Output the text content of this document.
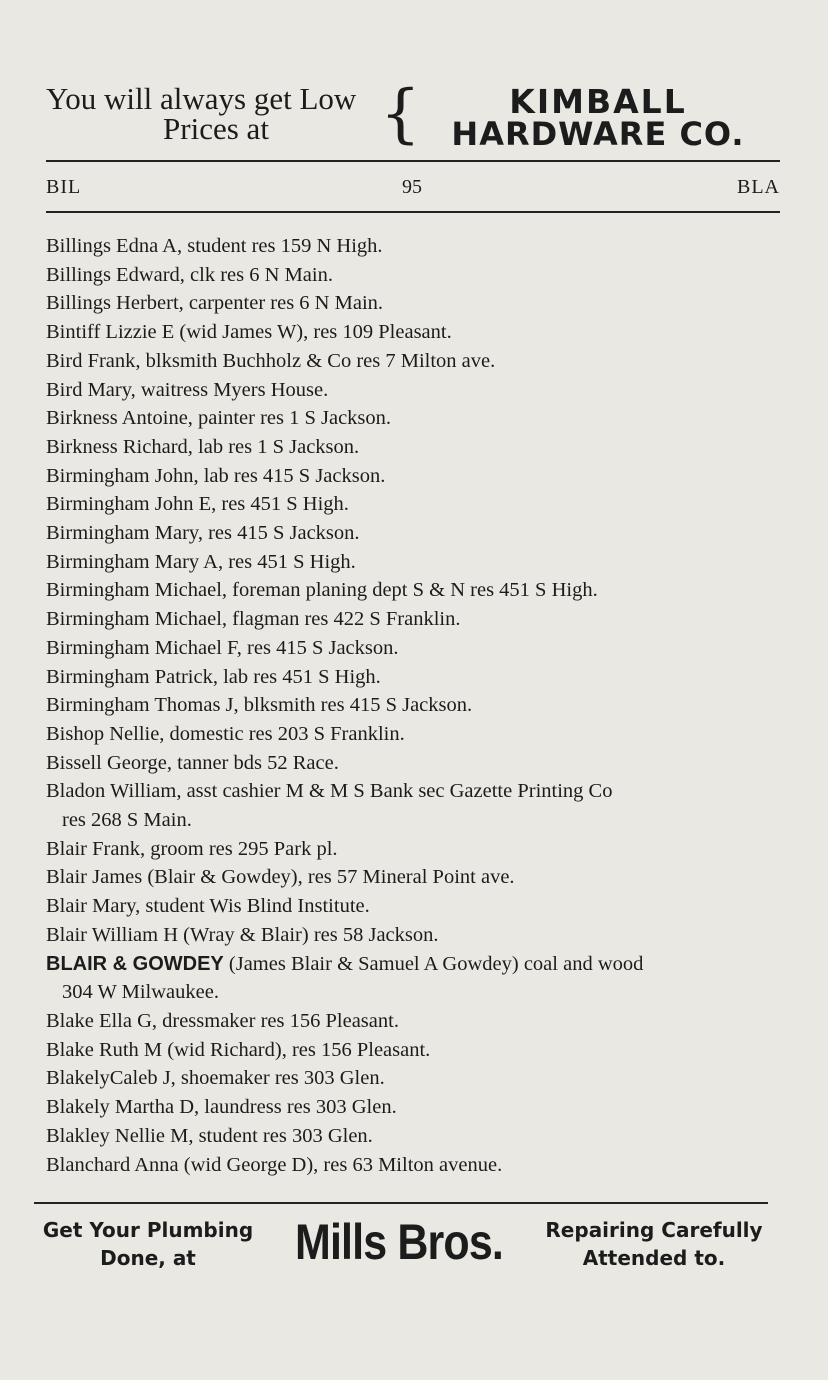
You will always get Low
Prices at	{	KIMBALL
HARDWARE CO.
BIL	95	BLA
Billings Edna A, student res 159 N High.
Billings Edward, clk res 6 N Main.
Billings Herbert, carpenter res 6 N Main.
Bintiff Lizzie E (wid James W), res 109 Pleasant.
Bird Frank, blksmith Buchholz & Co res 7 Milton ave.
Bird Mary, waitress Myers House.
Birkness Antoine, painter res 1 S Jackson.
Birkness Richard, lab res 1 S Jackson.
Birmingham John, lab res 415 S Jackson.
Birmingham John E, res 451 S High.
Birmingham Mary, res 415 S Jackson.
Birmingham Mary A, res 451 S High.
Birmingham Michael, foreman planing dept S & N res 451 S High.
Birmingham Michael, flagman res 422 S Franklin.
Birmingham Michael F, res 415 S Jackson.
Birmingham Patrick, lab res 451 S High.
Birmingham Thomas J, blksmith res 415 S Jackson.
Bishop Nellie, domestic res 203 S Franklin.
Bissell George, tanner bds 52 Race.
Bladon William, asst cashier M & M S Bank sec Gazette Printing Co
res 268 S Main.
Blair Frank, groom res 295 Park pl.
Blair James (Blair & Gowdey), res 57 Mineral Point ave.
Blair Mary, student Wis Blind Institute.
Blair William H (Wray & Blair) res 58 Jackson.
BLAIR & GOWDEY (James Blair & Samuel A Gowdey) coal and wood
304 W Milwaukee.
Blake Ella G, dressmaker res 156 Pleasant.
Blake Ruth M (wid Richard), res 156 Pleasant.
BlakelyCaleb J, shoemaker res 303 Glen.
Blakely Martha D, laundress res 303 Glen.
Blakley Nellie M, student res 303 Glen.
Blanchard Anna (wid George D), res 63 Milton avenue.
Get Your Plumbing
Done, at	Mills Bros.	Repairing Carefully
Attended to.
